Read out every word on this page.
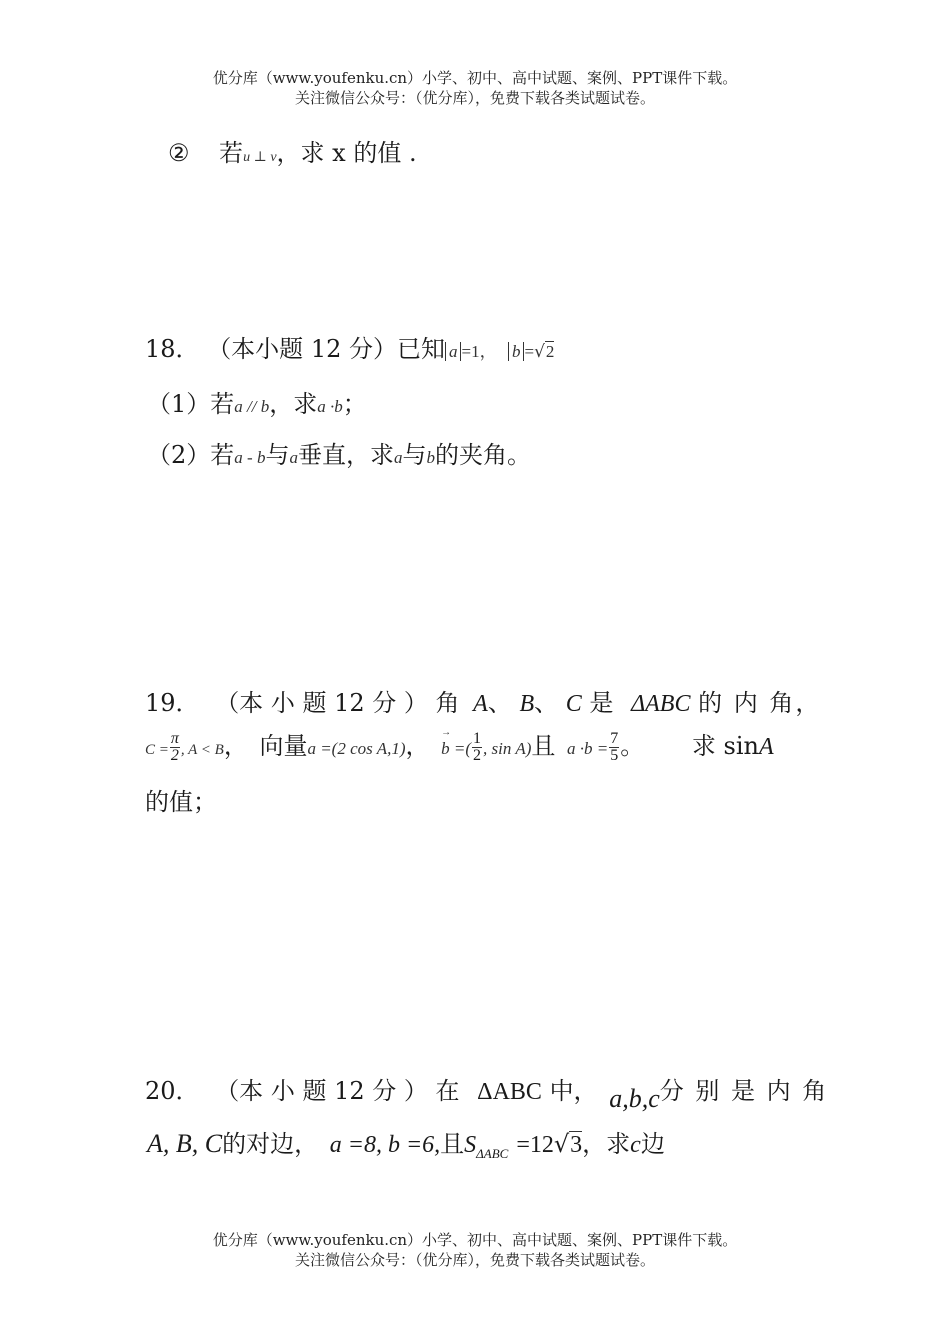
优分库（www.youfenku.cn）小学、初中、高中试题、案例、PPT课件下载。
关注微信公众号：（优分库），免费下载各类试题试卷。
② 若u ⊥ v，求 x 的值 .
18． （本小题 12 分）已知 a =1， b =√2
（1）若a // b，求a ·b；
（2）若a - b与a垂直，求a与b的夹角。
19． （本 小 题 12 分 ） 角 A、 B、 C 是 ΔABC 的 内 角，
$C = \frac{\pi}{2}$ , A < B， 向量a =(2 cos A,1)， → b =( $\frac{1}{2}$ , sin A)且 $a \cdot b = \frac{7}{5}$ 。 求 sinA
的值；
20． （本 小 题 12 分 ） 在 ΔABC 中， a,b,c分 别 是 内 角
A, B, C的对边， a =8, b =6,且$S_{\Delta ABC} =12√3$，求c边
优分库（www.youfenku.cn）小学、初中、高中试题、案例、PPT课件下载。
关注微信公众号：（优分库），免费下载各类试题试卷。
